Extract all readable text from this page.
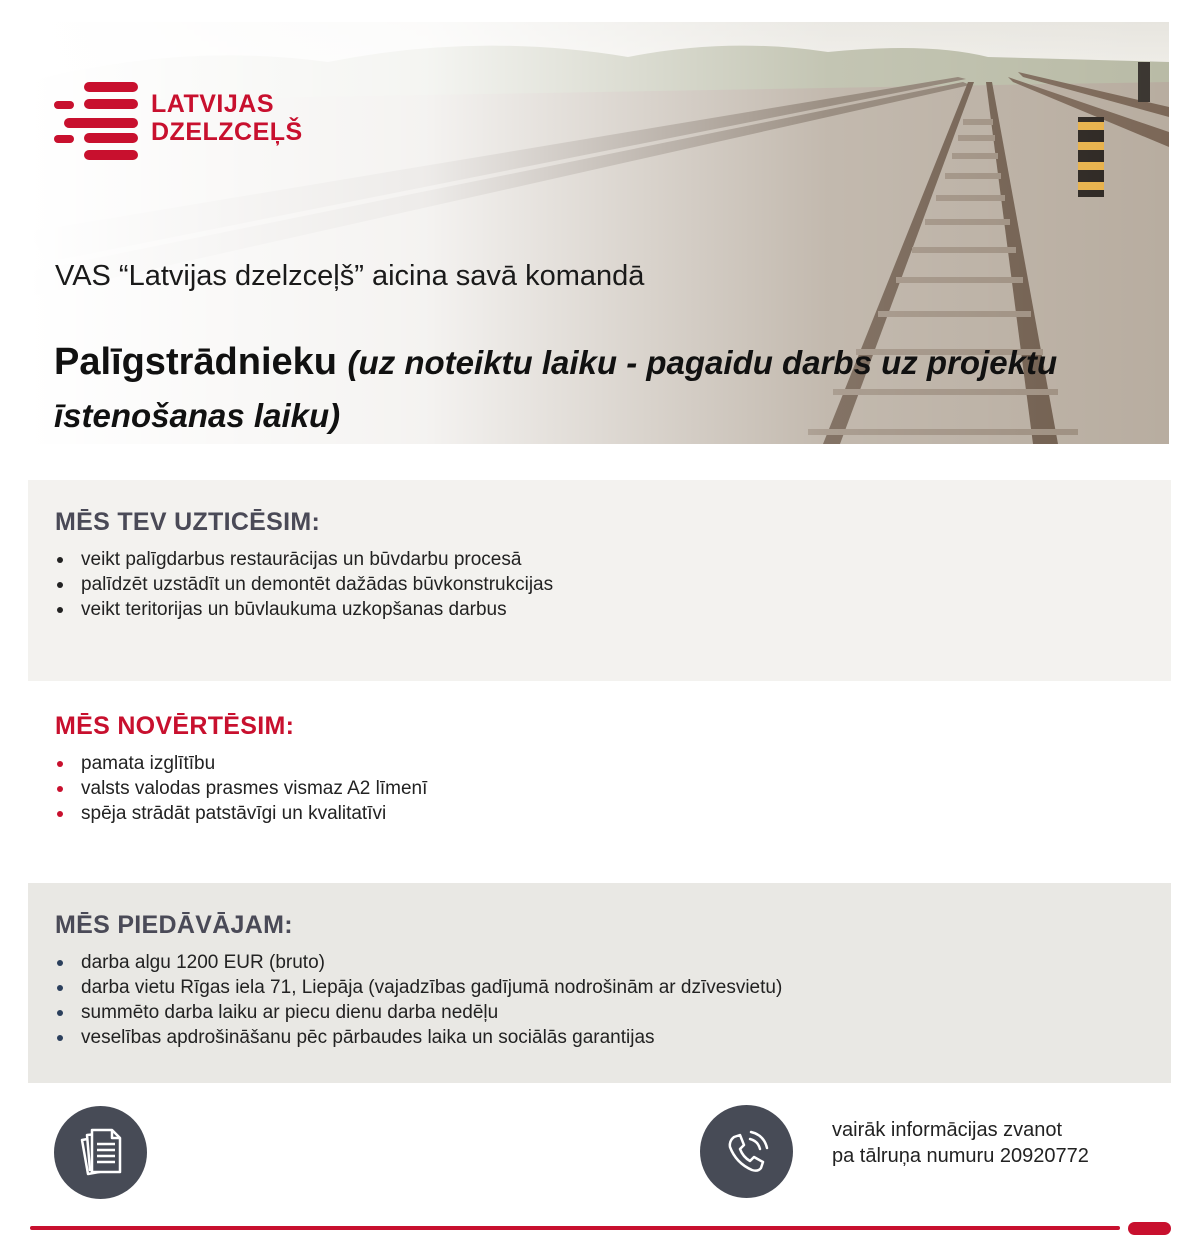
LATVIJAS
DZELZCEĻŠ
VAS “Latvijas dzelzceļš” aicina savā komandā
Palīgstrādnieku (uz noteiktu laiku - pagaidu darbs uz projektu īstenošanas laiku)
MĒS TEV UZTICĒSIM:
veikt palīgdarbus restaurācijas un būvdarbu procesā
palīdzēt uzstādīt un demontēt dažādas būvkonstrukcijas
veikt teritorijas un būvlaukuma uzkopšanas darbus
MĒS NOVĒRTĒSIM:
pamata izglītību
valsts valodas prasmes vismaz A2 līmenī
spēja strādāt patstāvīgi un kvalitatīvi
MĒS PIEDĀVĀJAM:
darba algu 1200 EUR (bruto)
darba vietu Rīgas iela 71, Liepāja (vajadzības gadījumā nodrošinām ar dzīvesvietu)
summēto darba laiku ar piecu dienu darba nedēļu
veselības apdrošināšanu pēc pārbaudes laika un sociālās garantijas
vairāk informācijas zvanot
pa tālruņa numuru 20920772
